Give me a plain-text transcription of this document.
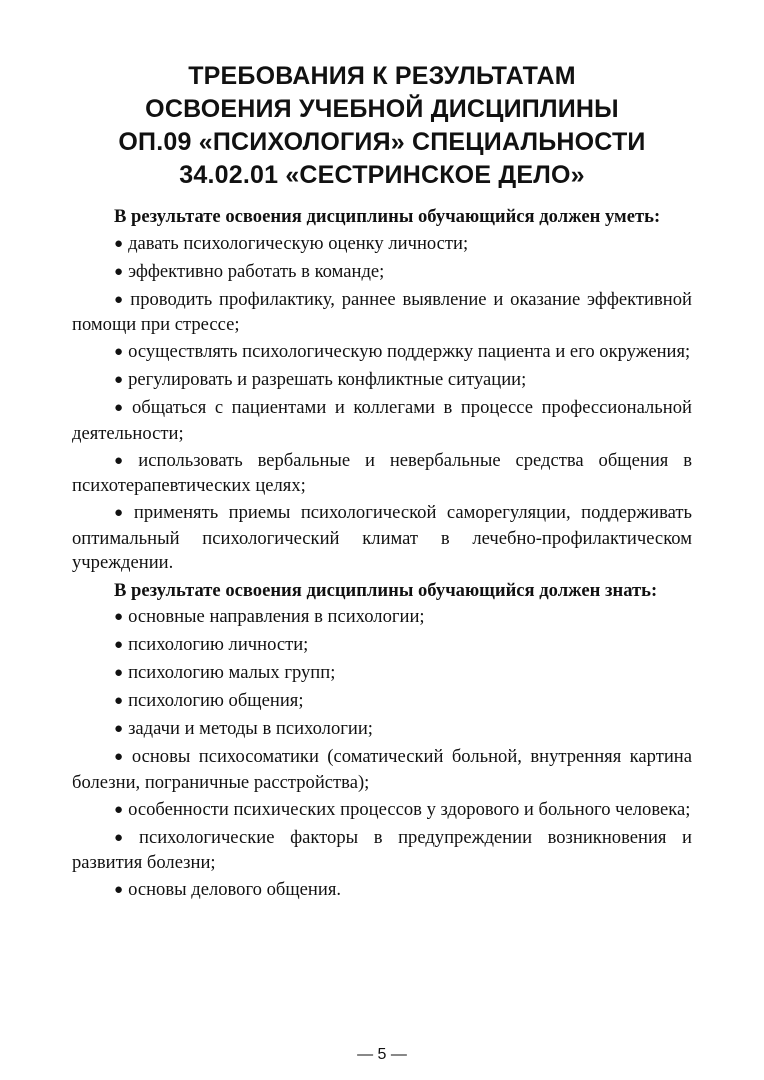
ТРЕБОВАНИЯ К РЕЗУЛЬТАТАМ
ОСВОЕНИЯ УЧЕБНОЙ ДИСЦИПЛИНЫ
ОП.09 «ПСИХОЛОГИЯ» СПЕЦИАЛЬНОСТИ
34.02.01 «СЕСТРИНСКОЕ ДЕЛО»

В результате освоения дисциплины обучающийся должен уметь:

● давать психологическую оценку личности;

● эффективно работать в команде;

● проводить профилактику, раннее выявление и оказание эффективной помощи при стрессе;

● осуществлять психологическую поддержку пациента и его окружения;

● регулировать и разрешать конфликтные ситуации;

● общаться с пациентами и коллегами в процессе профессиональной деятельности;

● использовать вербальные и невербальные средства общения в психотерапевтических целях;

● применять приемы психологической саморегуляции, поддерживать оптимальный психологический климат в лечебно-профилактическом учреждении.

В результате освоения дисциплины обучающийся должен знать:

● основные направления в психологии;

● психологию личности;

● психологию малых групп;

● психологию общения;

● задачи и методы в психологии;

● основы психосоматики (соматический больной, внутренняя картина болезни, пограничные расстройства);

● особенности психических процессов у здорового и больного человека;

● психологические факторы в предупреждении возникновения и развития болезни;

● основы делового общения.

— 5 —
